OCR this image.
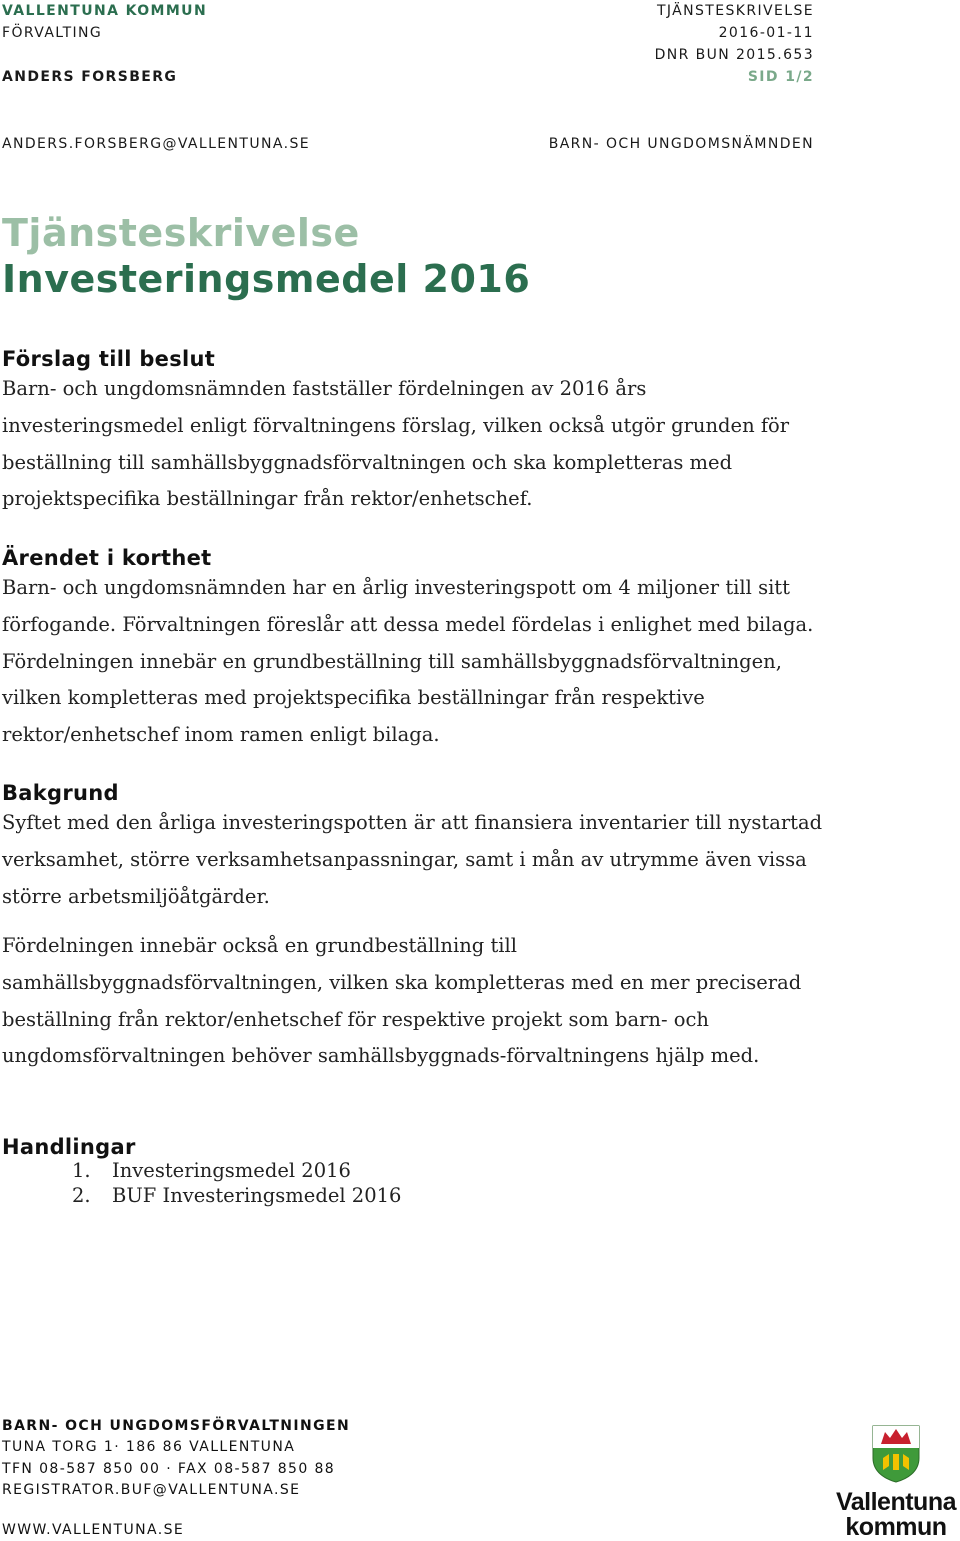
VALLENTUNA KOMMUN
FÖRVALTING
ANDERS FORSBERG
ANDERS.FORSBERG@VALLENTUNA.SE
TJÄNSTESKRIVELSE
2016-01-11
DNR BUN 2015.653
SID 1/2
BARN- OCH UNGDOMSNÄMNDEN
Tjänsteskrivelse
Investeringsmedel 2016
Förslag till beslut

Barn- och ungdomsnämnden fastställer fördelningen av 2016 års investeringsmedel enligt förvaltningens förslag, vilken också utgör grunden för beställning till samhällsbyggnadsförvaltningen och ska kompletteras med projektspecifika beställningar från rektor/enhetschef.

Ärendet i korthet

Barn- och ungdomsnämnden har en årlig investeringspott om 4 miljoner till sitt förfogande. Förvaltningen föreslår att dessa medel fördelas i enlighet med bilaga. Fördelningen innebär en grundbeställning till samhällsbyggnadsförvaltningen, vilken kompletteras med projektspecifika beställningar från respektive rektor/enhetschef inom ramen enligt bilaga.

Bakgrund

Syftet med den årliga investeringspotten är att finansiera inventarier till nystartad verksamhet, större verksamhetsanpassningar, samt i mån av utrymme även vissa större arbetsmiljöåtgärder.

Fördelningen innebär också en grundbeställning till samhällsbyggnadsförvaltningen, vilken ska kompletteras med en mer preciserad beställning från rektor/enhetschef för respektive projekt som barn- och ungdomsförvaltningen behöver samhällsbyggnads-förvaltningens hjälp med.

Handlingar
1. Investeringsmedel 2016
2. BUF Investeringsmedel 2016
BARN- OCH UNGDOMSFÖRVALTNINGEN
TUNA TORG 1· 186 86 VALLENTUNA
TFN 08-587 850 00 · FAX 08-587 850 88
REGISTRATOR.BUF@VALLENTUNA.SE
WWW.VALLENTUNA.SE
Vallentuna
kommun
